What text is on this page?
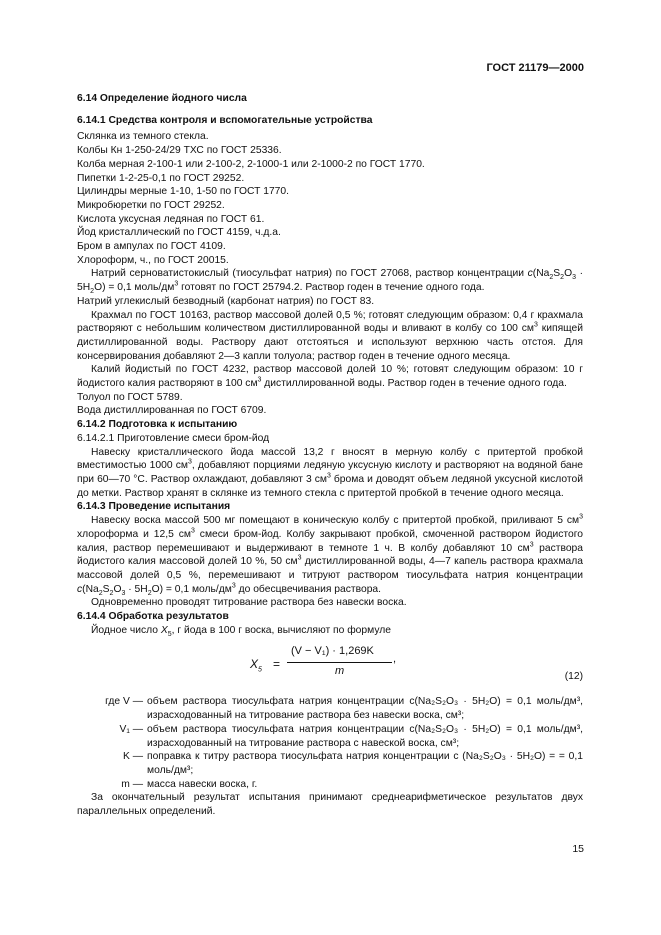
ГОСТ 21179—2000

6.14 Определение йодного числа

6.14.1 Средства контроля и вспомогательные устройства

Склянка из темного стекла.

Колбы Кн 1-250-24/29 ТХС по ГОСТ 25336.

Колба мерная 2-100-1 или 2-100-2, 2-1000-1 или 2-1000-2 по ГОСТ 1770.

Пипетки 1-2-25-0,1 по ГОСТ 29252.

Цилиндры мерные 1-10, 1-50 по ГОСТ 1770.

Микробюретки по ГОСТ 29252.

Кислота уксусная ледяная по ГОСТ 61.

Йод кристаллический по ГОСТ 4159, ч.д.а.

Бром в ампулах по ГОСТ 4109.

Хлороформ, ч., по ГОСТ 20015.

Натрий серноватистокислый (тиосульфат натрия) по ГОСТ 27068, раствор концентрации $c(Na_2S_2O_3 \cdot 5H_2O) = 0,1$ моль/$дм^3$ готовят по ГОСТ 25794.2. Раствор годен в течение одного года.

Натрий углекислый безводный (карбонат натрия) по ГОСТ 83.

Крахмал по ГОСТ 10163, раствор массовой долей 0,5 %; готовят следующим образом: 0,4 г крахмала растворяют с небольшим количеством дистиллированной воды и вливают в колбу со 100 $см^3$ кипящей дистиллированной воды. Раствору дают отстояться и используют верхнюю часть отстоя. Для консервирования добавляют 2—3 капли толуола; раствор годен в течение одного месяца.

Калий йодистый по ГОСТ 4232, раствор массовой долей 10 %; готовят следующим образом: 10 г йодистого калия растворяют в 100 $см^3$ дистиллированной воды. Раствор годен в течение одного года.

Толуол по ГОСТ 5789.

Вода дистиллированная по ГОСТ 6709.

6.14.2 Подготовка к испытанию

6.14.2.1 Приготовление смеси бром-йод

Навеску кристаллического йода массой 13,2 г вносят в мерную колбу с притертой пробкой вместимостью 1000 $см^3$, добавляют порциями ледяную уксусную кислоту и растворяют на водяной бане при 60—70 °C. Раствор охлаждают, добавляют 3 $см^3$ брома и доводят объем ледяной уксусной кислотой до метки. Раствор хранят в склянке из темного стекла с притертой пробкой в течение одного месяца.

6.14.3 Проведение испытания

Навеску воска массой 500 мг помещают в коническую колбу с притертой пробкой, приливают 5 $см^3$ хлороформа и 12,5 $см^3$ смеси бром-йод. Колбу закрывают пробкой, смоченной раствором йодистого калия, раствор перемешивают и выдерживают в темноте 1 ч. В колбу добавляют 10 $см^3$ раствора йодистого калия массовой долей 10 %, 50 $см^3$ дистиллированной воды, 4—7 капель раствора крахмала массовой долей 0,5 %, перемешивают и титруют раствором тиосульфата натрия концентрации $c(Na_2S_2O_3 \cdot 5H_2O) = 0,1$ моль/$дм^3$ до обесцвечивания раствора.

Одновременно проводят титрование раствора без навески воска.

6.14.4 Обработка результатов

Йодное число $X_5$, г йода в 100 г воска, вычисляют по формуле

$X_5$ =
(V − V₁) · 1,269K
m
,
(12)
где V — объем раствора тиосульфата натрия концентрации c(Na₂S₂O₃ · 5H₂O) = 0,1 моль/дм³, израсходованный на титрование раствора без навески воска, см³;
V₁ — объем раствора тиосульфата натрия концентрации c(Na₂S₂O₃ · 5H₂O) = 0,1 моль/дм³, израсходованный на титрование раствора с навеской воска, см³;
K — поправка к титру раствора тиосульфата натрия концентрации c (Na₂S₂O₃ · 5H₂O) = = 0,1 моль/дм³;
m — масса навески воска, г.

За окончательный результат испытания принимают среднеарифметическое результатов двух параллельных определений.

15
